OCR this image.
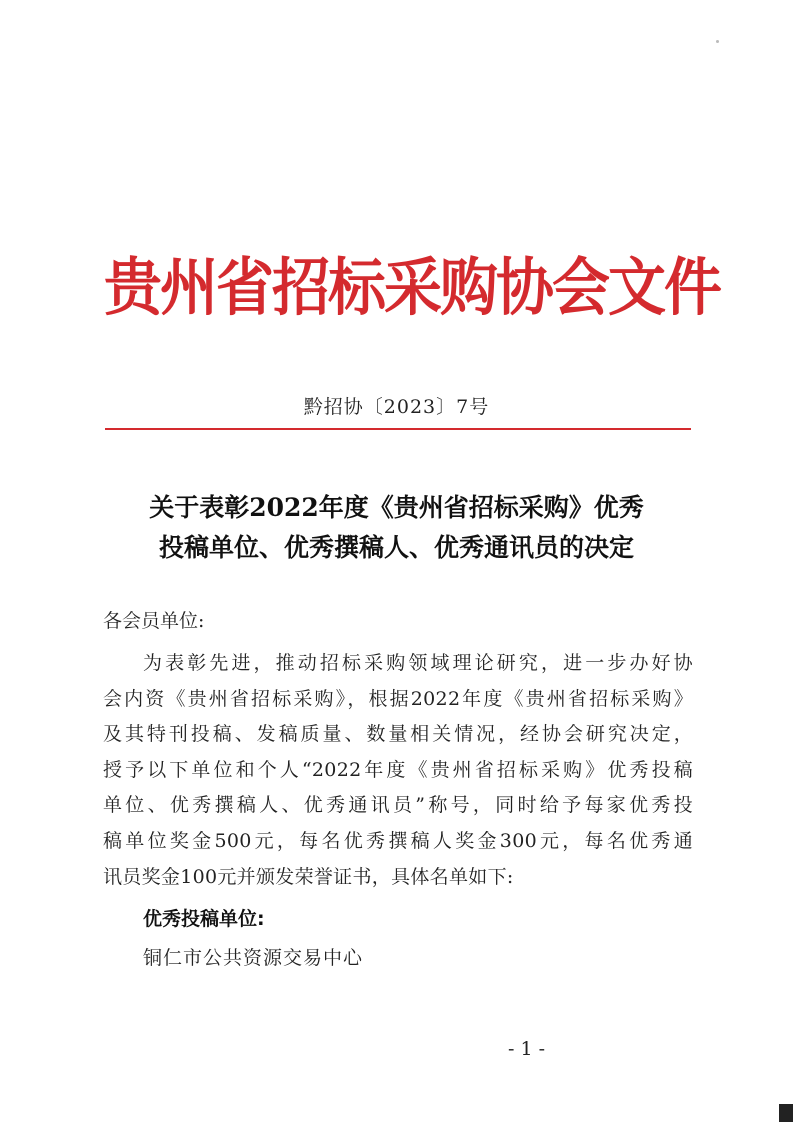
贵州省招标采购协会文件
黔招协〔2023〕7号
关于表彰2022年度《贵州省招标采购》优秀
投稿单位、优秀撰稿人、优秀通讯员的决定
各会员单位:
为表彰先进，推动招标采购领域理论研究，进一步办好协
会内资《贵州省招标采购》，根据2022年度《贵州省招标采购》
及其特刊投稿、发稿质量、数量相关情况，经协会研究决定，
授予以下单位和个人“2022年度《贵州省招标采购》优秀投稿
单位、优秀撰稿人、优秀通讯员”称号，同时给予每家优秀投
稿单位奖金500元，每名优秀撰稿人奖金300元，每名优秀通
讯员奖金100元并颁发荣誉证书，具体名单如下:
优秀投稿单位:
铜仁市公共资源交易中心
- 1 -
